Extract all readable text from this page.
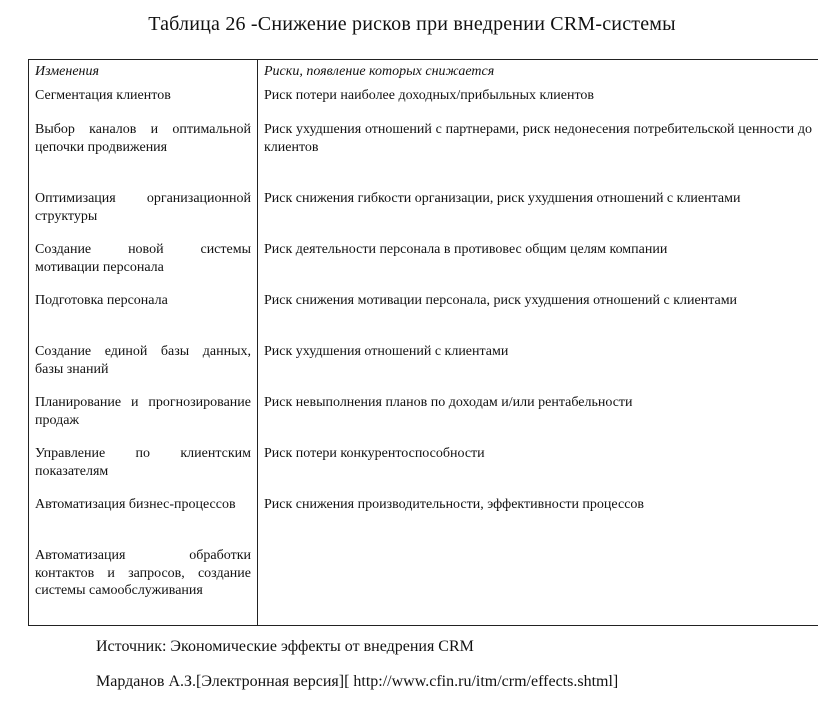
Таблица 26 -Снижение рисков при внедрении CRM-системы
Изменения	Риски, появление которых снижается
Сегментация клиентов	Риск потери наиболее доходных/прибыльных клиентов
Выбор каналов и оптимальной цепочки продвижения	Риск ухудшения отношений с партнерами, риск недонесения потребительской ценности до клиентов
Оптимизация организационной структуры	Риск снижения гибкости организации, риск ухудшения отношений с клиентами
Создание новой системы мотивации персонала	Риск деятельности персонала в противовес общим целям компании
Подготовка персонала	Риск снижения мотивации персонала, риск ухудшения отношений с клиентами
Создание единой базы данных, базы знаний	Риск ухудшения отношений с клиентами
Планирование и прогнозирование продаж	Риск невыполнения планов по доходам и/или рентабельности
Управление по клиентским показателям	Риск потери конкурентоспособности
Автоматизация бизнес-процессов	Риск снижения производительности, эффективности процессов
Автоматизация обработки контактов и запросов, создание системы самообслуживания	
Источник: Экономические эффекты от внедрения CRM
Марданов А.З.[Электронная версия][ http://www.cfin.ru/itm/crm/effects.shtml]
